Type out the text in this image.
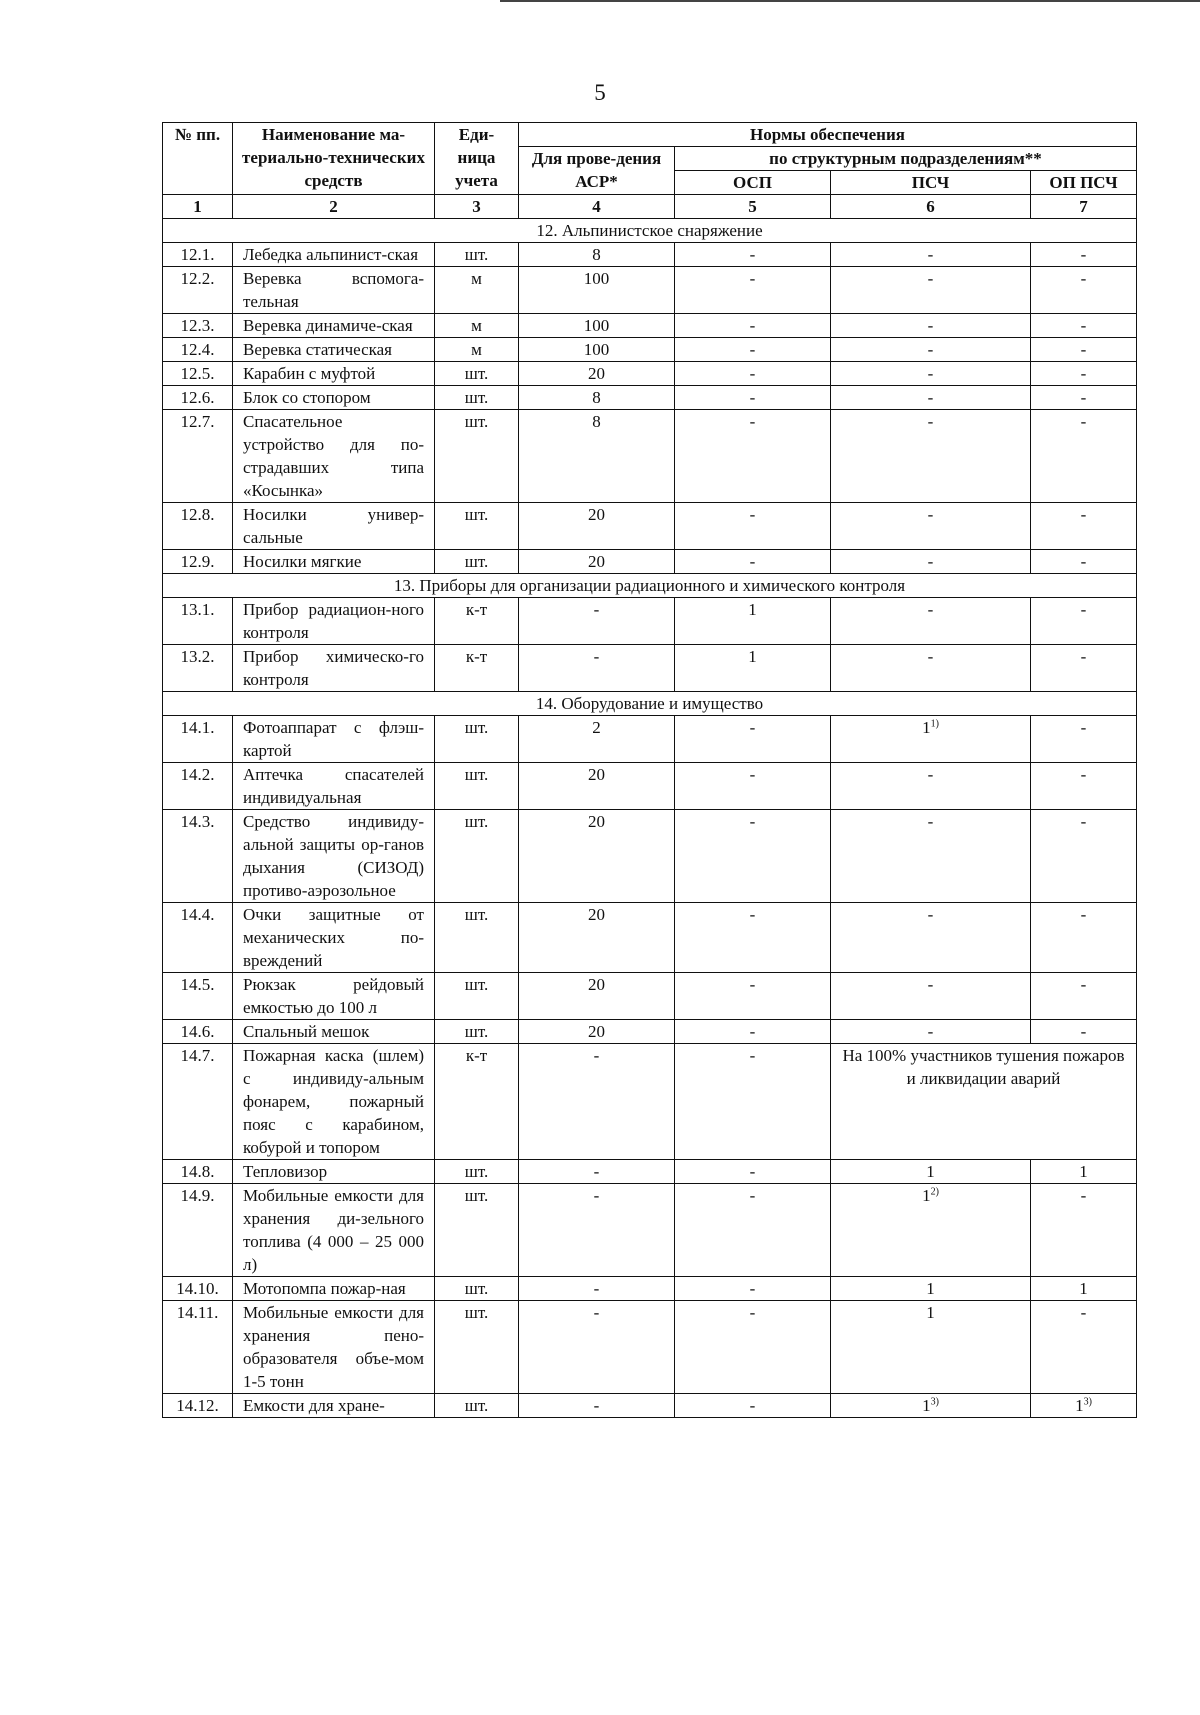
5
№ пп.	Наименование ма-териально-технических средств	Еди-ница учета	Нормы обеспечения			
			Для прове-дения АСР*	по структурным подразделениям**		
				ОСП	ПСЧ	ОП ПСЧ
1	2	3	4	5	6	7
12. Альпинистское снаряжение						
12.1.	Лебедка альпинист-ская	шт.	8	-	-	-
12.2.	Веревка вспомога-тельная	м	100	-	-	-
12.3.	Веревка динамиче-ская	м	100	-	-	-
12.4.	Веревка статическая	м	100	-	-	-
12.5.	Карабин с муфтой	шт.	20	-	-	-
12.6.	Блок со стопором	шт.	8	-	-	-
12.7.	Спасательное устройство для по-страдавших типа «Косынка»	шт.	8	-	-	-
12.8.	Носилки универ-сальные	шт.	20	-	-	-
12.9.	Носилки мягкие	шт.	20	-	-	-
13. Приборы для организации радиационного и химического контроля						
13.1.	Прибор радиацион-ного контроля	к-т	-	1	-	-
13.2.	Прибор химическо-го контроля	к-т	-	1	-	-
14. Оборудование и имущество						
14.1.	Фотоаппарат с флэш-картой	шт.	2	-	1$^{1)}$	-
14.2.	Аптечка спасателей индивидуальная	шт.	20	-	-	-
14.3.	Средство индивиду-альной защиты ор-ганов дыхания (СИЗОД) противо-аэрозольное	шт.	20	-	-	-
14.4.	Очки защитные от механических по-вреждений	шт.	20	-	-	-
14.5.	Рюкзак рейдовый емкостью до 100 л	шт.	20	-	-	-
14.6.	Спальный мешок	шт.	20	-	-	-
14.7.	Пожарная каска (шлем) с индивиду-альным фонарем, пожарный пояс с карабином, кобурой и топором	к-т	-	-	На 100% участников тушения пожаров и ликвидации аварий	
14.8.	Тепловизор	шт.	-	-	1	1
14.9.	Мобильные емкости для хранения ди-зельного топлива (4 000 – 25 000 л)	шт.	-	-	1$^{2)}$	-
14.10.	Мотопомпа пожар-ная	шт.	-	-	1	1
14.11.	Мобильные емкости для хранения пено-образователя объе-мом 1-5 тонн	шт.	-	-	1	-
14.12.	Емкости для хране-	шт.	-	-	1$^{3)}$	1$^{3)}$
